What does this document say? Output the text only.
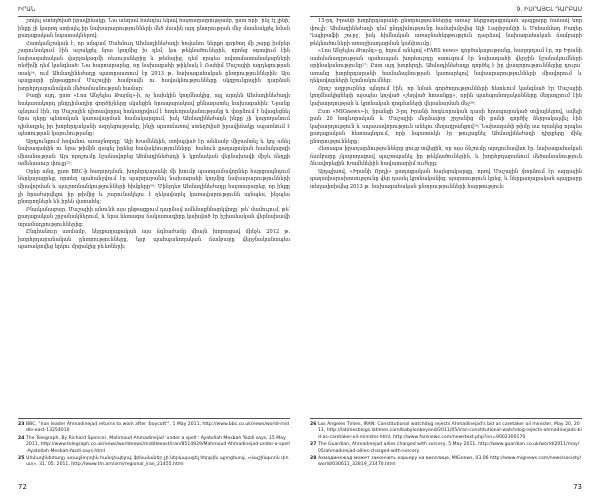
ԻՐԱՆ

շտկել ստեղծված իրավիճակը: Նա անզամ հանդես եկավ հայտարարությամբ, ըստ որի՝ ինչ էլ լինի, ինքը չի կարող ստիպել իր նախարարությունների մեծ մասին այդ ընտրության մեջ մասնակցել նման քաղաքական նպատակներով:

Հատկանշական է, որ անգամ Մահմուդ Ահմադինեժադի հովանու ներքո գործող մի շարք խմբեր շարունակում էին աջակցել նրա կողմից խ դեմ, կա թեկնածուներին, որոնց օգտվում էին նախագահական վարչակազմի ռեսուրսներից և թեմայից, դեմ որպես ավտոմատանակարների ռեժիմի դեմ կանգնած: Նա հայտարարեց, որ նախագահի թիկնակ է Ռահիմ Մաշայիի ազդեցության տակ²⁴, ում Ահմադինեժադը պատրաստում էր 2013 թ. նախագահական ընտրություններին: Այս պայքարի ընթացքում Մաշայիի համբավն ու հավակնությունները սկզբունքային դարձան խորհրդարանական մեծամասնության համար:

Բացի այդ, ըստ «Լոս Անջելես Թայմզ»-ի, ոչ նախկին կողմնակից, այլ արդեն Ահմադինեժադի հակառակորդ ընդդիմադիր գործիչները սկսեցին հրապարակավ քննադատել նախագահին: Նրանք պնդում էին, որ Մաշային դիտավորյալ հակադրվում է հոգևորականությանը և փորձում է նվազեցնել նրա դերը պետական կառավարման համակարգում, իսկ Ահմադինեժադն ինքը չի կարողանում դիմադրել իր խորհրդականի ազդեցությանը, ինչի պատճառով ստեղծված իրավիճակը սպառնում է պետության կայունությանը:

Արդյունքում հովանու առաջնորդը՝ Ալի Խամենեին, ստիպված էր անձամբ միջամտել և կոչ անել նախագահին ու նրա թիմին զսպել իրենց հավակնությունները՝ հանուն քաղաքական համակարգի միասնության: Այս որոշումը նշանավորեց Ահմադինեժադի և կրոնական վերնախավի միջև ճեղքի ամենասուր փուլը²⁵:

Օրեր անց, ըստ BBC-ի հաղորդման, խորհրդարանի մի խումբ պատգամավորներ հարցապնդում ներկայացրեց, որտեղ պահանջվում էր պարզաբանել նախագահի կողմից նախարարությունների միավորման և պաշտոնանկությունների հիմքերը²⁶: Մինչդեռ Ահմադինեժադը հայտարարեց, որ ինքը չի հրաժարվելու իր թիմից և շարունակելու է ղեկավարել կառավարությունն այնպես, ինչպես ընտրողներն են իրեն վստահել:

Բնականաբար, Մաշայիի անունն այս ընթացքում դարձավ ամենաքննարկվողը՝ թե՛ մամուլում, թե՛ քաղաքական շրջանակներում, և նրա հետագա ճակատագիրը կախված էր իշխանական վերնախավի տրամադրություններից:

Ընդհանուր առմամբ, ներքաղաքական այս ճգնաժամը միայն խորացավ մինչև 2012 թ. խորհրդարանական ընտրությունները, երբ պահպանողական ճամբարը վերջնականապես պառակտվեց երկու մրցակից բևեռների:

23 BBC, "Iran leader Ahmadinejad returns to work after 'boycott'", 1 May 2011, http://www.bbc.co.uk/news/world-middle-east-13254010

24 The Telegraph, By Richard Spencer, Mahmoud Ahmadinejad 'under a spell': Ayatollah Mesbah Yazdi says, 15 May 2011, http://www.telegraph.co.uk/news/worldnews/middleeast/iran/8514929/Mahmoud-Ahmadinejad-under-a-spell-Ayatollah-Mesbah-Yazdi-says.html

25 Ահմադինեժադը առաջնորդին հանդիպելով, ֆինանսներ չի ներկայացել հերթին պրոցեսով, «Վաշինգտոն փոստ», 31. 05. 2011, http://www.tm.am/arm/regional_iran_21455.html

72
9. ԻՍՐԱՅԵԼ ԴԱՐԲԱՍ

15-րդ Իրանի խորհրդարանի ընտրություններից առաջ ներքաղաքական պայքարը հասավ նոր փուլի: Ահմադինեժադի դեմ ընդդիմությունը համախմբվեց Ալի Լարիջանիի և Մոհամմադ Բաղեր Ղալիբաֆի շուրջ, իսկ հիմնական առաջնահերթություն դարձավ նախագահական ճամբարի թեկնածուների առաջխաղացման կանխումը:

«Լոս Անջելես Թայմզ»-ը, հղում անելով «FARS news» գործակալությանը, հաղորդում էր, որ Իրանի սահմանադրության պահապան խորհուրդը ստուգում էր նախագահի վերջին նշանակումների օրինականությունը²⁷: Ըստ այդ խորհրդի, Ահմադինեժադը գործել է իր լիազորություններից դուրս՝ առանց խորհրդարանի համաձայնության կատարելով նախարարությունների միավորում և ղեկավարների նշանակումներ:

Որոշ աղբյուրներ պնդում էին, որ նման գործողությունների հետևում կանգնած էր Մաշայիի կողմնակիցների այսպես կոչված «շեղված հոսանքը», որին պահպանողականները մեղադրում էին կախարդության և կրոնական դոգմաների վերանայման մեջ²⁸:

Ըստ «MIGnews»-ի, իրանցի 3-րդ Իրանի հոգևորական դասի հրապարակած տվյալներով, ավելի քան 20 հոգևորական և Մաշայիի մերձավոր շրջանից մի քանի գործիչ ձերբակալվել էին կախարդություն և սպասավորություն անելու մեղադրանքով²⁹: Նախագահի թիմը սա որակեց որպես քաղաքական հետապնդում, որի նպատակն էր թուլացնել Ահմադինեժադի դիրքերը մինչ ընտրությունները:

Հետագա իրադարձությունները ցույց տվեցին, որ այս ճնշումը արդյունավետ էր. նախագահական ճամբարը չկարողացավ պաշտպանել իր թեկնածուներին, և խորհրդարանում մեծամասնություն ձևավորեցին Խամենեիին հավատարիմ ուժերը:

Այդպիսով, «Իրանի Որդի» քաղաքական հայեցակարգը, որով Մաշային փորձում էր ազգային գաղափարախոսությունը վեր դասել կրոնականից, պարտություն կրեց, և ներքաղաքական պայքարը տեղափոխվեց 2013 թ. նախագահական ընտրությունների հարթություն:

26 Los Angeles Times, IRAN: Constitutional watchdog rejects Ahmadinejad's bid as caretaker oil minister, May 20, 2011, http://latimesblogs.latimes.com/babylonbeyond/2011/05/iran-constitutional-watchdog-rejects-ahmadinejads-bid-as-caretaker-oil-minister.html, http://www.farsnews.com/newstext.php?nn=9002300170

27 The Guardian, Ahmadinejad allies charged with sorcery, 5 May 2011, http://www.guardian.co.uk/world/2011/may/05/ahmadinejad-allies-charged-with-sorcery

28 Ахмадинежад может закончить карьеру на виселице, MIGnews, 03.06 http://www.mignews.com/news/society/world/030611_32819_21470.html

73
